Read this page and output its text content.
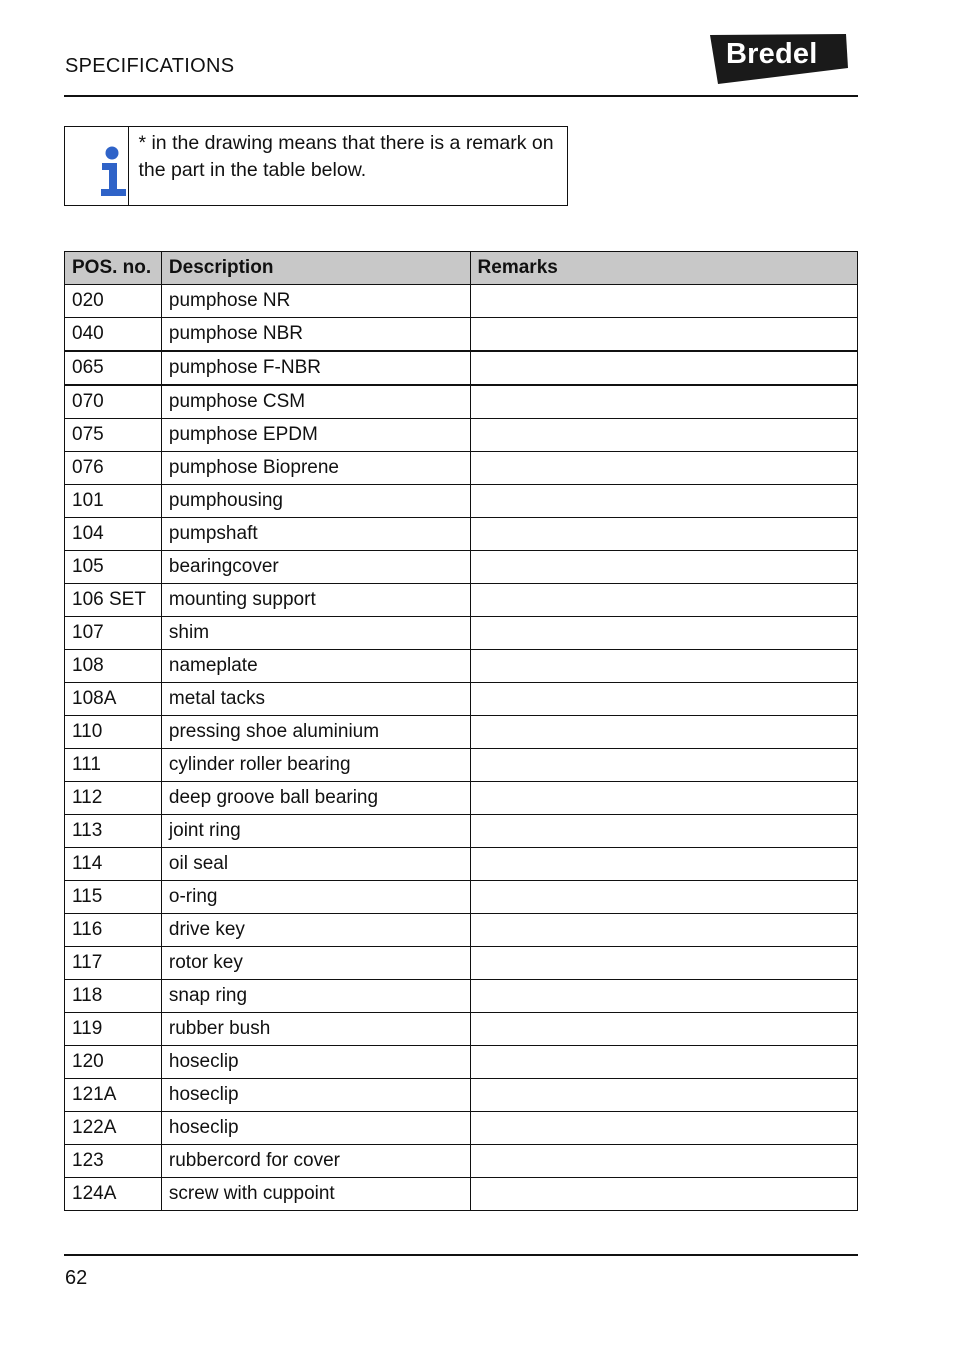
SPECIFICATIONS	Bredel
* in the drawing means that there is a remark on the part in the table below.
POS. no.	Description	Remarks
020	pumphose NR	
040	pumphose NBR	
065	pumphose F-NBR	
070	pumphose CSM	
075	pumphose EPDM	
076	pumphose Bioprene	
101	pumphousing	
104	pumpshaft	
105	bearingcover	
106 SET	mounting support	
107	shim	
108	nameplate	
108A	metal tacks	
110	pressing shoe aluminium	
111	cylinder roller bearing	
112	deep groove ball bearing	
113	joint ring	
114	oil seal	
115	o-ring	
116	drive key	
117	rotor key	
118	snap ring	
119	rubber bush	
120	hoseclip	
121A	hoseclip	
122A	hoseclip	
123	rubbercord for cover	
124A	screw with cuppoint	
62
